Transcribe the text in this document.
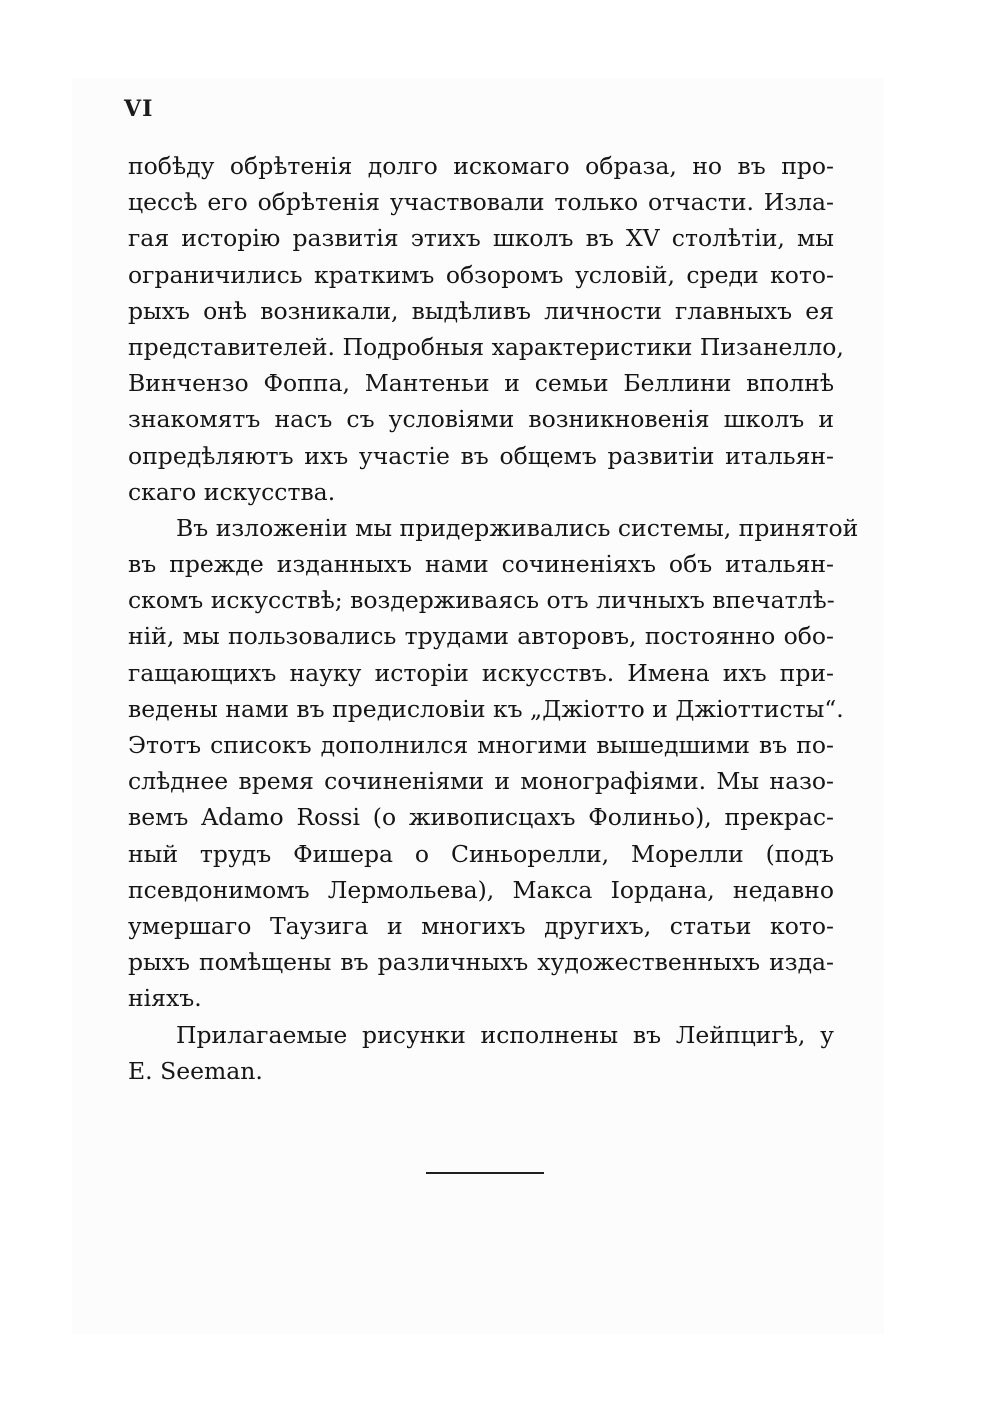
VI
побѣду обрѣтенія долго искомаго образа, но въ про-
цессѣ его обрѣтенія участвовали только отчасти. Изла-
гая исторію развитія этихъ школъ въ XV столѣтіи, мы
ограничились краткимъ обзоромъ условій, среди кото-
рыхъ онѣ возникали, выдѣливъ личности главныхъ ея
представителей. Подробныя характеристики Пизанелло,
Винчензо Фоппа, Мантеньи и семьи Беллини вполнѣ
знакомятъ насъ съ условіями возникновенія школъ и
опредѣляютъ ихъ участіе въ общемъ развитіи итальян-
скаго искусства.
Въ изложеніи мы придерживались системы, принятой
въ прежде изданныхъ нами сочиненіяхъ объ итальян-
скомъ искусствѣ; воздерживаясь отъ личныхъ впечатлѣ-
ній, мы пользовались трудами авторовъ, постоянно обо-
гащающихъ науку исторіи искусствъ. Имена ихъ при-
ведены нами въ предисловіи къ „Джіотто и Джіоттисты“.
Этотъ списокъ дополнился многими вышедшими въ по-
слѣднее время сочиненіями и монографіями. Мы назо-
вемъ Adamo Rossi (о живописцахъ Фолиньо), прекрас-
ный трудъ Фишера о Синьорелли, Морелли (подъ
псевдонимомъ Лермольева), Макса Іордана, недавно
умершаго Таузига и многихъ другихъ, статьи кото-
рыхъ помѣщены въ различныхъ художественныхъ изда-
ніяхъ.
Прилагаемые рисунки исполнены въ Лейпцигѣ, у
E. Seeman.
